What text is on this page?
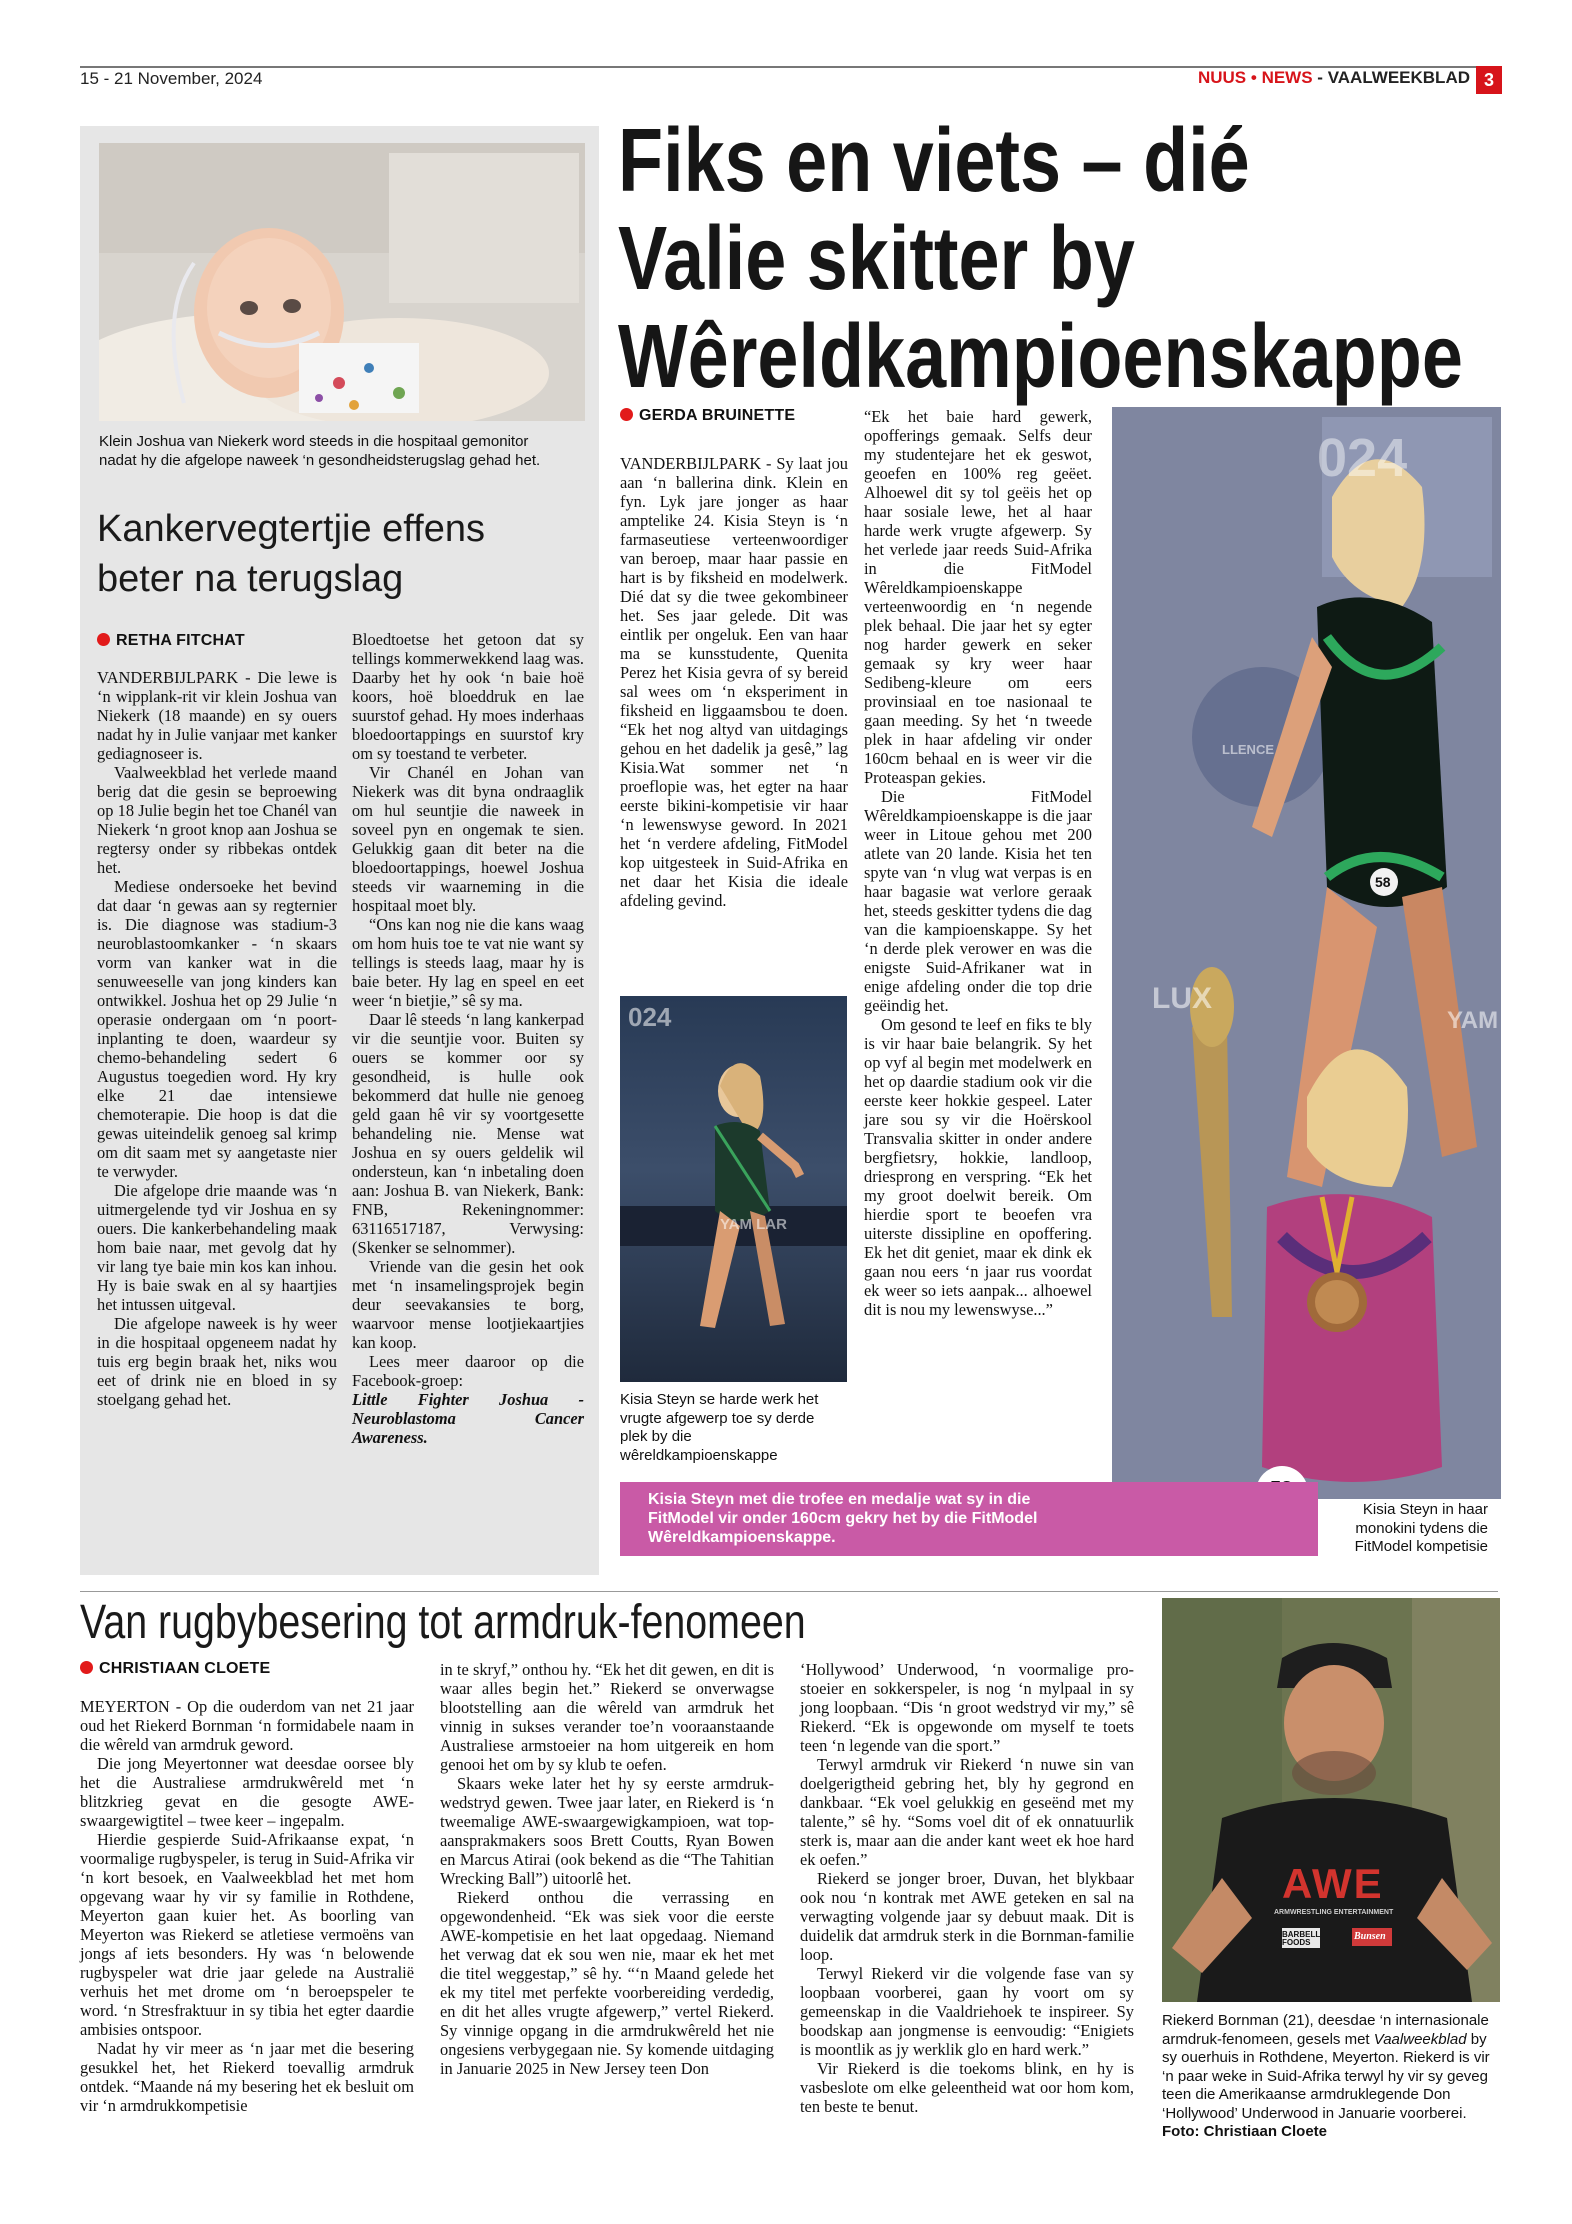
15 - 21 November, 2024	NUUS • NEWS - VAALWEEKBLAD 3
Klein Joshua van Niekerk word steeds in die hospitaal gemonitor nadat hy die afgelope naweek ‘n gesondheidsterugslag gehad het.
Kankervegtertjie effens beter na terugslag
RETHA FITCHAT

VANDERBIJLPARK - Die lewe is ‘n wipplank-rit vir klein Joshua van Niekerk (18 maande) en sy ouers nadat hy in Julie vanjaar met kanker gediagnoseer is.

Vaalweekblad het verlede maand berig dat die gesin se beproewing op 18 Julie begin het toe Chanél van Niekerk ‘n groot knop aan Joshua se regtersy onder sy ribbekas ontdek het.

Mediese ondersoeke het bevind dat daar ‘n gewas aan sy regternier is. Die diagnose was stadium-3 neuroblastoomkanker - ‘n skaars vorm van kanker wat in die senuweeselle van jong kinders kan ontwikkel. Joshua het op 29 Julie ‘n operasie ondergaan om ‘n poort-inplanting te doen, waardeur sy chemo-behandeling sedert 6 Augustus toegedien word. Hy kry elke 21 dae intensiewe chemoterapie. Die hoop is dat die gewas uiteindelik genoeg sal krimp om dit saam met sy aangetaste nier te verwyder.

Die afgelope drie maande was ‘n uitmergelende tyd vir Joshua en sy ouers. Die kankerbehandeling maak hom baie naar, met gevolg dat hy vir lang tye baie min kos kan inhou. Hy is baie swak en al sy haartjies het intussen uitgeval.

Die afgelope naweek is hy weer in die hospitaal opgeneem nadat hy tuis erg begin braak het, niks wou eet of drink nie en bloed in sy stoelgang gehad het.

Bloedtoetse het getoon dat sy tellings kommerwekkend laag was. Daarby het hy ook ‘n baie hoë koors, hoë bloeddruk en lae suurstof gehad. Hy moes inderhaas bloedoortappings en suurstof kry om sy toestand te verbeter.

Vir Chanél en Johan van Niekerk was dit byna ondraaglik om hul seuntjie die naweek in soveel pyn en ongemak te sien. Gelukkig gaan dit beter na die bloedoortappings, hoewel Joshua steeds vir waarneming in die hospitaal moet bly.

“Ons kan nog nie die kans waag om hom huis toe te vat nie want sy tellings is steeds laag, maar hy is baie beter. Hy lag en speel en eet weer ‘n bietjie,” sê sy ma.

Daar lê steeds ‘n lang kankerpad vir die seuntjie voor. Buiten sy ouers se kommer oor sy gesondheid, is hulle ook bekommerd dat hulle nie genoeg geld gaan hê vir sy voortgesette behandeling nie. Mense wat Joshua en sy ouers geldelik wil ondersteun, kan ‘n inbetaling doen aan: Joshua B. van Niekerk, Bank: FNB, Rekeningnommer: 63116517187, Verwysing: (Skenker se selnommer).

Vriende van die gesin het ook met ‘n insamelingsprojek begin deur seevakansies te borg, waarvoor mense lootjiekaartjies kan koop.

Lees meer daaroor op die Facebook-groep:

Little Fighter Joshua - Neuroblastoma Cancer Awareness.

Fiks en viets – dié
Valie skitter by
Wêreldkampioenskappe
GERDA BRUINETTE

VANDERBIJLPARK - Sy laat jou aan ‘n ballerina dink. Klein en fyn. Lyk jare jonger as haar amptelike 24. Kisia Steyn is ‘n farmaseutiese verteenwoordiger van beroep, maar haar passie en hart is by fiksheid en modelwerk. Dié dat sy die twee gekombineer het. Ses jaar gelede. Dit was eintlik per ongeluk. Een van haar ma se kunsstudente, Quenita Perez het Kisia gevra of sy bereid sal wees om ‘n eksperiment in fiksheid en liggaamsbou te doen. “Ek het nog altyd van uitdagings gehou en het dadelik ja gesê,” lag Kisia.Wat sommer net ‘n proeflopie was, het egter na haar eerste bikini-kompetisie vir haar ‘n lewenswyse geword. In 2021 het ‘n verdere afdeling, FitModel kop uitgesteek in Suid-Afrika en net daar het Kisia die ideale afdeling gevind.

“Ek het baie hard gewerk, opofferings gemaak. Selfs deur my studentejare het ek geswot, geoefen en 100% reg geëet. Alhoewel dit sy tol geëis het op haar sosiale lewe, het al haar harde werk vrugte afgewerp. Sy het verlede jaar reeds Suid-Afrika in die FitModel Wêreldkampioenskappe verteenwoordig en ‘n negende plek behaal. Die jaar het sy egter nog harder gewerk en seker gemaak sy kry weer haar Sedibeng-kleure om eers provinsiaal en toe nasionaal te gaan meeding. Sy het ‘n tweede plek in haar afdeling vir onder 160cm behaal en is weer vir die Proteaspan gekies.

Die FitModel Wêreldkampioenskappe is die jaar weer in Litoue gehou met 200 atlete van 20 lande. Kisia het ten spyte van ‘n vlug wat verpas is en haar bagasie wat verlore geraak het, steeds geskitter tydens die dag van die kampioenskappe. Sy het ‘n derde plek verower en was die enigste Suid-Afrikaner wat in enige afdeling onder die top drie geëindig het.

Om gesond te leef en fiks te bly is vir haar baie belangrik. Sy het op vyf al begin met modelwerk en het op daardie stadium ook vir die eerste keer hokkie gespeel. Later jare sou sy vir die Hoërskool Transvalia skitter in onder andere bergfietsry, hokkie, landloop, driesprong en verspring. “Ek het my groot doelwit bereik. Om hierdie sport te beoefen vra uiterste dissipline en opoffering. Ek het dit geniet, maar ek dink ek gaan nou eers ‘n jaar rus voordat ek weer so iets aanpak... alhoewel dit is nou my lewenswyse...”

024
YAM LAR
Kisia Steyn se harde werk het vrugte afgewerp toe sy derde plek by die wêreldkampioenskappe
024
LLENCE
LUX
YAM
58
Kisia Steyn met die trofee en medalje wat sy in die FitModel vir onder 160cm gekry het by die FitModel Wêreldkampioenskappe.
Kisia Steyn in haar monokini tydens die FitModel kompetisie
Van rugbybesering tot armdruk-fenomeen
CHRISTIAAN CLOETE

MEYERTON - Op die ouderdom van net 21 jaar oud het Riekerd Bornman ‘n formidabele naam in die wêreld van armdruk geword.

Die jong Meyertonner wat deesdae oorsee bly het die Australiese armdrukwêreld met ‘n blitzkrieg gevat en die gesogte AWE-swaargewigtitel – twee keer – ingepalm.

Hierdie gespierde Suid-Afrikaanse expat, ‘n voormalige rugbyspeler, is terug in Suid-Afrika vir ‘n kort besoek, en Vaalweekblad het met hom opgevang waar hy vir sy familie in Rothdene, Meyerton gaan kuier het. As boorling van Meyerton was Riekerd se atletiese vermoëns van jongs af iets besonders. Hy was ‘n belowende rugbyspeler wat drie jaar gelede na Australië verhuis het met drome om ‘n beroepspeler te word. ‘n Stresfraktuur in sy tibia het egter daardie ambisies ontspoor.

Nadat hy vir meer as ‘n jaar met die besering gesukkel het, het Riekerd toevallig armdruk ontdek. “Maande ná my besering het ek besluit om vir ‘n armdrukkompetisie

in te skryf,” onthou hy. “Ek het dit gewen, en dit is waar alles begin het.” Riekerd se onverwagse blootstelling aan die wêreld van armdruk het vinnig in sukses verander toe’n vooraanstaande Australiese armstoeier na hom uitgereik en hom genooi het om by sy klub te oefen.

Skaars weke later het hy sy eerste armdruk-wedstryd gewen. Twee jaar later, en Riekerd is ‘n tweemalige AWE-swaargewigkampioen, wat top-aansprakmakers soos Brett Coutts, Ryan Bowen en Marcus Atirai (ook bekend as die “The Tahitian Wrecking Ball”) uitoorlê het.

Riekerd onthou die verrassing en opgewondenheid. “Ek was siek voor die eerste AWE-kompetisie en het laat opgedaag. Niemand het verwag dat ek sou wen nie, maar ek het met die titel weggestap,” sê hy. “‘n Maand gelede het ek my titel met perfekte voorbereiding verdedig, en dit het alles vrugte afgewerp,” vertel Riekerd. Sy vinnige opgang in die armdrukwêreld het nie ongesiens verbygegaan nie. Sy komende uitdaging in Januarie 2025 in New Jersey teen Don

‘Hollywood’ Underwood, ‘n voormalige pro-stoeier en sokkerspeler, is nog ‘n mylpaal in sy jong loopbaan. “Dis ‘n groot wedstryd vir my,” sê Riekerd. “Ek is opgewonde om myself te toets teen ‘n legende van die sport.”

Terwyl armdruk vir Riekerd ‘n nuwe sin van doelgerigtheid gebring het, bly hy gegrond en dankbaar. “Ek voel gelukkig en geseënd met my talente,” sê hy. “Soms voel dit of ek onnatuurlik sterk is, maar aan die ander kant weet ek hoe hard ek oefen.”

Riekerd se jonger broer, Duvan, het blykbaar ook nou ‘n kontrak met AWE geteken en sal na verwagting volgende jaar sy debuut maak. Dit is duidelik dat armdruk sterk in die Bornman-familie loop.

Terwyl Riekerd vir die volgende fase van sy loopbaan voorberei, gaan hy voort om sy gemeenskap in die Vaaldriehoek te inspireer. Sy boodskap aan jongmense is eenvoudig: “Enigiets is moontlik as jy werklik glo en hard werk.”

Vir Riekerd is die toekoms blink, en hy is vasbeslote om elke geleentheid wat oor hom kom, ten beste te benut.

AWE
ARMWRESTLING ENTERTAINMENT
BARBELL FOODS
Bunsen
Riekerd Bornman (21), deesdae ‘n internasionale armdruk-fenomeen, gesels met Vaalweekblad by sy ouerhuis in Rothdene, Meyerton. Riekerd is vir ‘n paar weke in Suid-Afrika terwyl hy vir sy geveg teen die Amerikaanse armdruklegende Don ‘Hollywood’ Underwood in Januarie voorberei. Foto: Christiaan Cloete
